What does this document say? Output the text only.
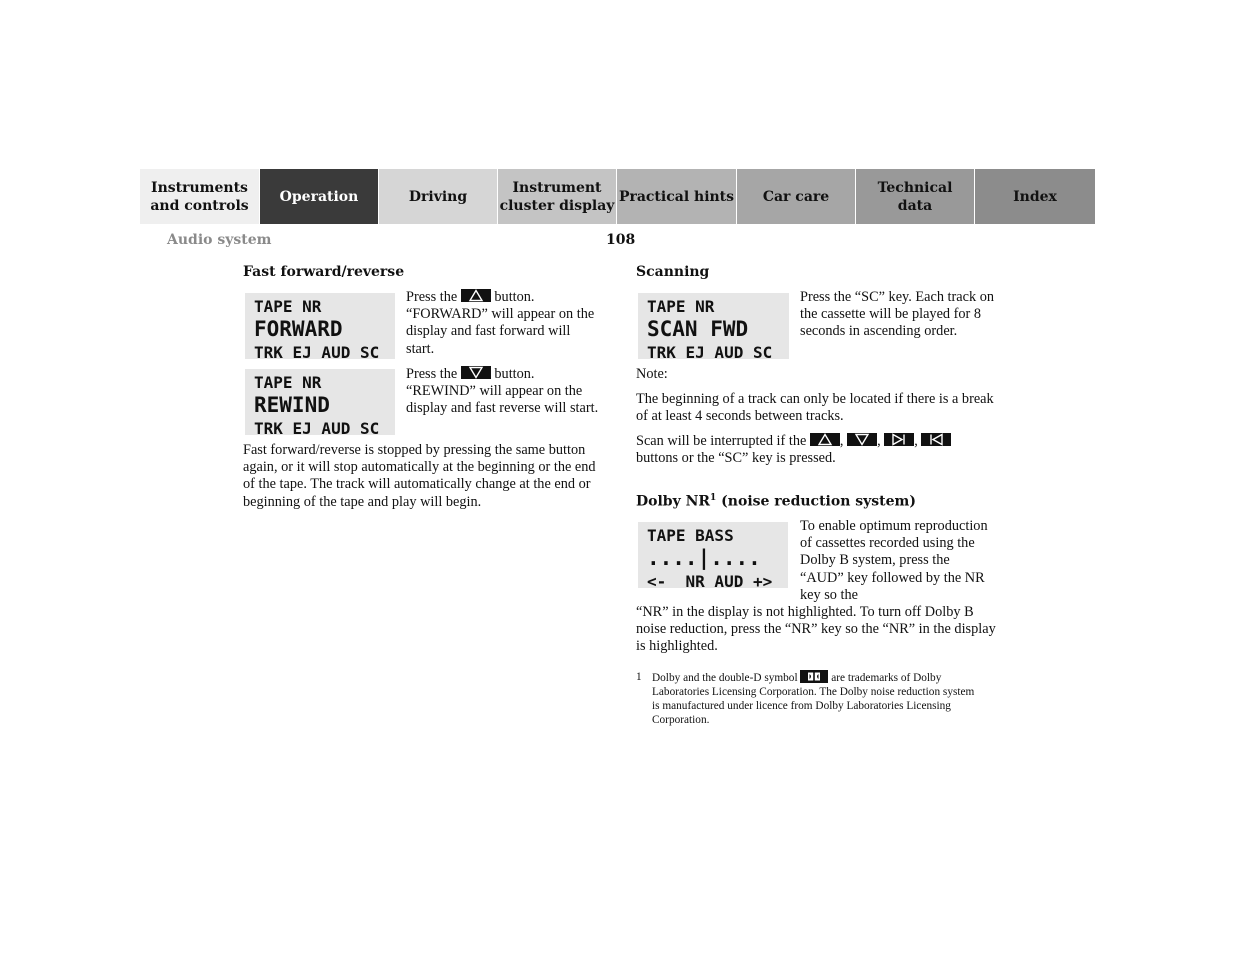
Instruments
and controls
Operation	Driving
Instrument
cluster display
Practical hints	Car care
Technical
data
Index
Audio system	108
Fast forward/reverse
TAPE NR
FORWARD
TRK EJ AUD SC

Press the	button. “FORWARD” will appear on the display and fast forward will start.

TAPE NR
REWIND
TRK EJ AUD SC

Press the	button. “REWIND” will appear on the display and fast reverse will start.

Fast forward/reverse is stopped by pressing the same button again, or it will stop automatically at the beginning or the end of the tape. The track will automatically change at the end or beginning of the tape and play will begin.

Scanning
TAPE NR
SCAN FWD
TRK EJ AUD SC

Press the “SC” key. Each track on the cassette will be played for 8 seconds in ascending order.

Note:

The beginning of a track can only be located if there is a break of at least 4 seconds between tracks.

Scan will be interrupted if the , , ,
buttons or the “SC” key is pressed.

Dolby $NR^1$ (noise reduction system)
TAPE BASS
....|....
<-  NR AUD +>

To enable optimum reproduction of cassettes recorded using the Dolby B system, press the “AUD” key followed by the NR key so the

“NR” in the display is not highlighted. To turn off Dolby B noise reduction, press the “NR” key so the “NR” in the display is highlighted.

1 Dolby and the double-D symbol	are trademarks of Dolby Laboratories Licensing Corporation. The Dolby noise reduction system is manufactured under licence from Dolby Laboratories Licensing Corporation.
